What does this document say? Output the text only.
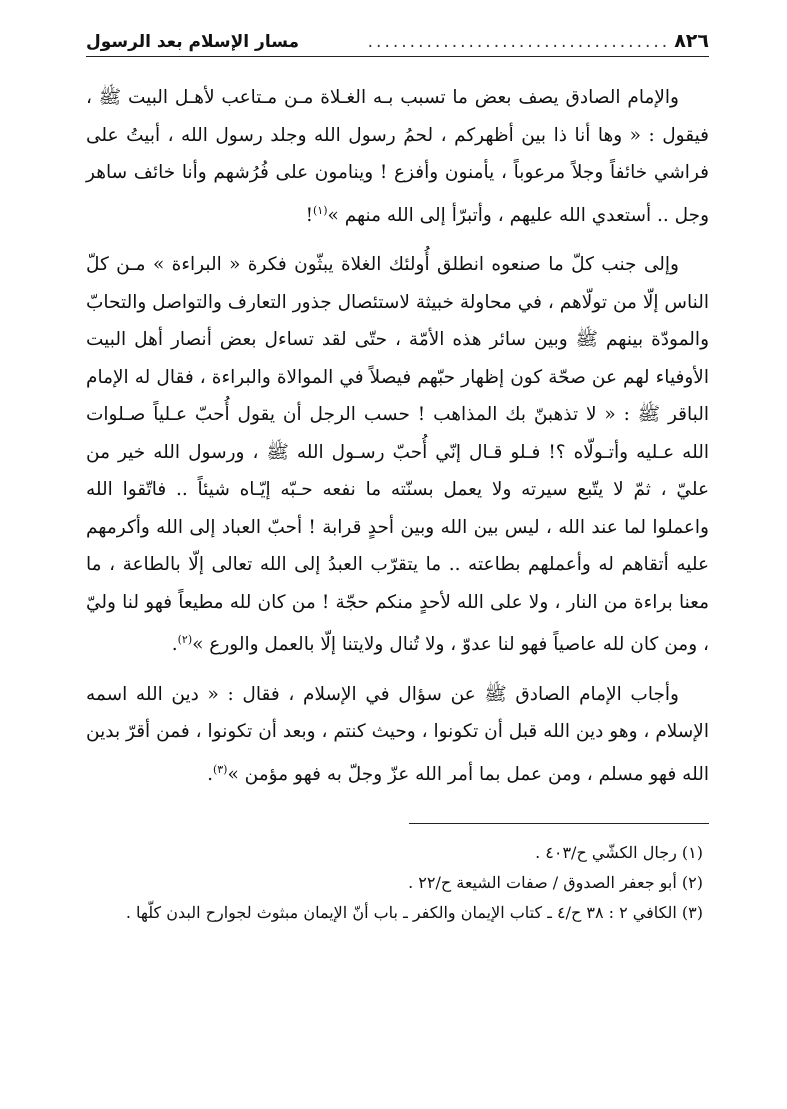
٨٢٦
....................................
مسار الإسلام بعد الرسول

والإمام الصادق يصف بعض ما تسبب بـه الغـلاة مـن مـتاعب لأهـل البيت ﷺ ، فيقول : « وها أنا ذا بين أظهركم ، لحمُ رسول الله وجلد رسول الله ، أبيتُ على فراشي خائفاً وجلاً مرعوباً ، يأمنون وأفزع ! وينامون على فُرُشهم وأنا خائف ساهر وجل .. أستعدي الله عليهم ، وأتبرّأ إلى الله منهم »$^{(١)}$!

وإلى جنب كلّ ما صنعوه انطلق أُولئك الغلاة يبثّون فكرة « البراءة » مـن كلّ الناس إلّا من تولّاهم ، في محاولة خبيثة لاستئصال جذور التعارف والتواصل والتحابّ والمودّة بينهم ﷺ وبين سائر هذه الأمّة ، حتّى لقد تساءل بعض أنصار أهل البيت الأوفياء لهم عن صحّة كون إظهار حبّهم فيصلاً في الموالاة والبراءة ، فقال له الإمام الباقر ﷺ : « لا تذهبنّ بك المذاهب ! حسب الرجل أن يقول أُحبّ عـلياً صـلوات الله عـليه وأتـولّاه ؟! فـلو قـال إنّي أُحبّ رسـول الله ﷺ ، ورسول الله خير من عليّ ، ثمّ لا يتّبع سيرته ولا يعمل بسنّته ما نفعه حـبّه إيّـاه شيئاً .. فاتّقوا الله واعملوا لما عند الله ، ليس بين الله وبين أحدٍ قرابة ! أحبّ العباد إلى الله وأكرمهم عليه أتقاهم له وأعملهم بطاعته .. ما يتقرّب العبدُ إلى الله تعالى إلّا بالطاعة ، ما معنا براءة من النار ، ولا على الله لأحدٍ منكم حجّة ! من كان لله مطيعاً فهو لنا وليّ ، ومن كان لله عاصياً فهو لنا عدوّ ، ولا تُنال ولايتنا إلّا بالعمل والورع »$^{(٢)}$.

وأجاب الإمام الصادق ﷺ عن سؤال في الإسلام ، فقال : « دين الله اسمه الإسلام ، وهو دين الله قبل أن تكونوا ، وحيث كنتم ، وبعد أن تكونوا ، فمن أقرّ بدين الله فهو مسلم ، ومن عمل بما أمر الله عزّ وجلّ به فهو مؤمن »$^{(٣)}$.

(١) رجال الكشّي ح/٤٠٣ .

(٢) أبو جعفر الصدوق / صفات الشيعة ح/٢٢ .

(٣) الكافي ٢ : ٣٨ ح/٤ ـ كتاب الإيمان والكفر ـ باب أنّ الإيمان مبثوث لجوارح البدن كلّها .
